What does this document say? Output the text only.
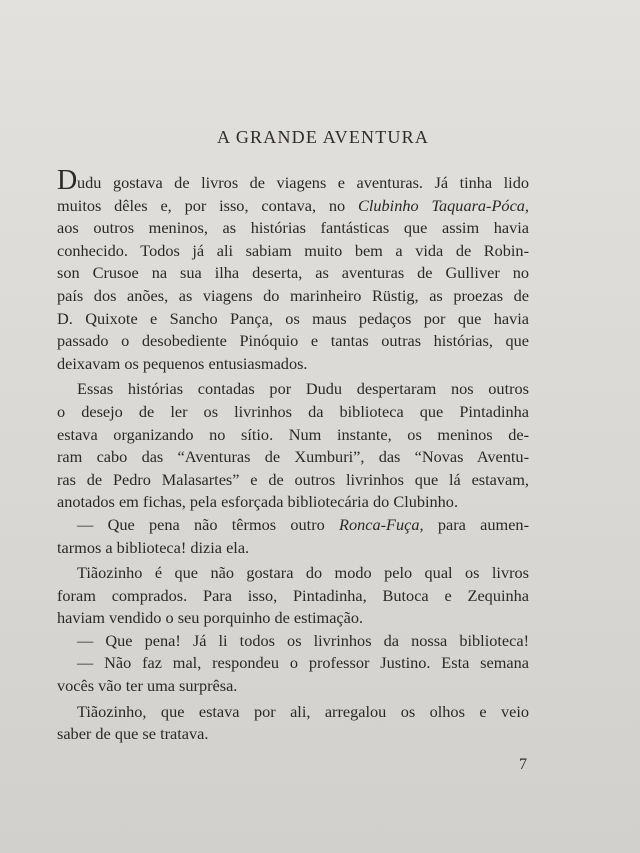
A GRANDE AVENTURA
D udu gostava de livros de viagens e aventuras. Já tinha lido
muitos dêles e, por isso, contava, no Clubinho Taquara-Póca,
aos outros meninos, as histórias fantásticas que assim havia
conhecido. Todos já ali sabiam muito bem a vida de Robin-
son Crusoe na sua ilha deserta, as aventuras de Gulliver no
país dos anões, as viagens do marinheiro Rüstig, as proezas de
D. Quixote e Sancho Pança, os maus pedaços por que havia
passado o desobediente Pinóquio e tantas outras histórias, que
deixavam os pequenos entusiasmados.
Essas histórias contadas por Dudu despertaram nos outros
o desejo de ler os livrinhos da biblioteca que Pintadinha
estava organizando no sítio. Num instante, os meninos de-
ram cabo das “Aventuras de Xumburi”, das “Novas Aventu-
ras de Pedro Malasartes” e de outros livrinhos que lá estavam,
anotados em fichas, pela esforçada bibliotecária do Clubinho.
— Que pena não têrmos outro Ronca-Fuça, para aumen-
tarmos a biblioteca! dizia ela.
Tiãozinho é que não gostara do modo pelo qual os livros
foram comprados. Para isso, Pintadinha, Butoca e Zequinha
haviam vendido o seu porquinho de estimação.
— Que pena! Já li todos os livrinhos da nossa biblioteca!
— Não faz mal, respondeu o professor Justino. Esta semana
vocês vão ter uma surprêsa.
Tiãozinho, que estava por ali, arregalou os olhos e veio
saber de que se tratava.
7
